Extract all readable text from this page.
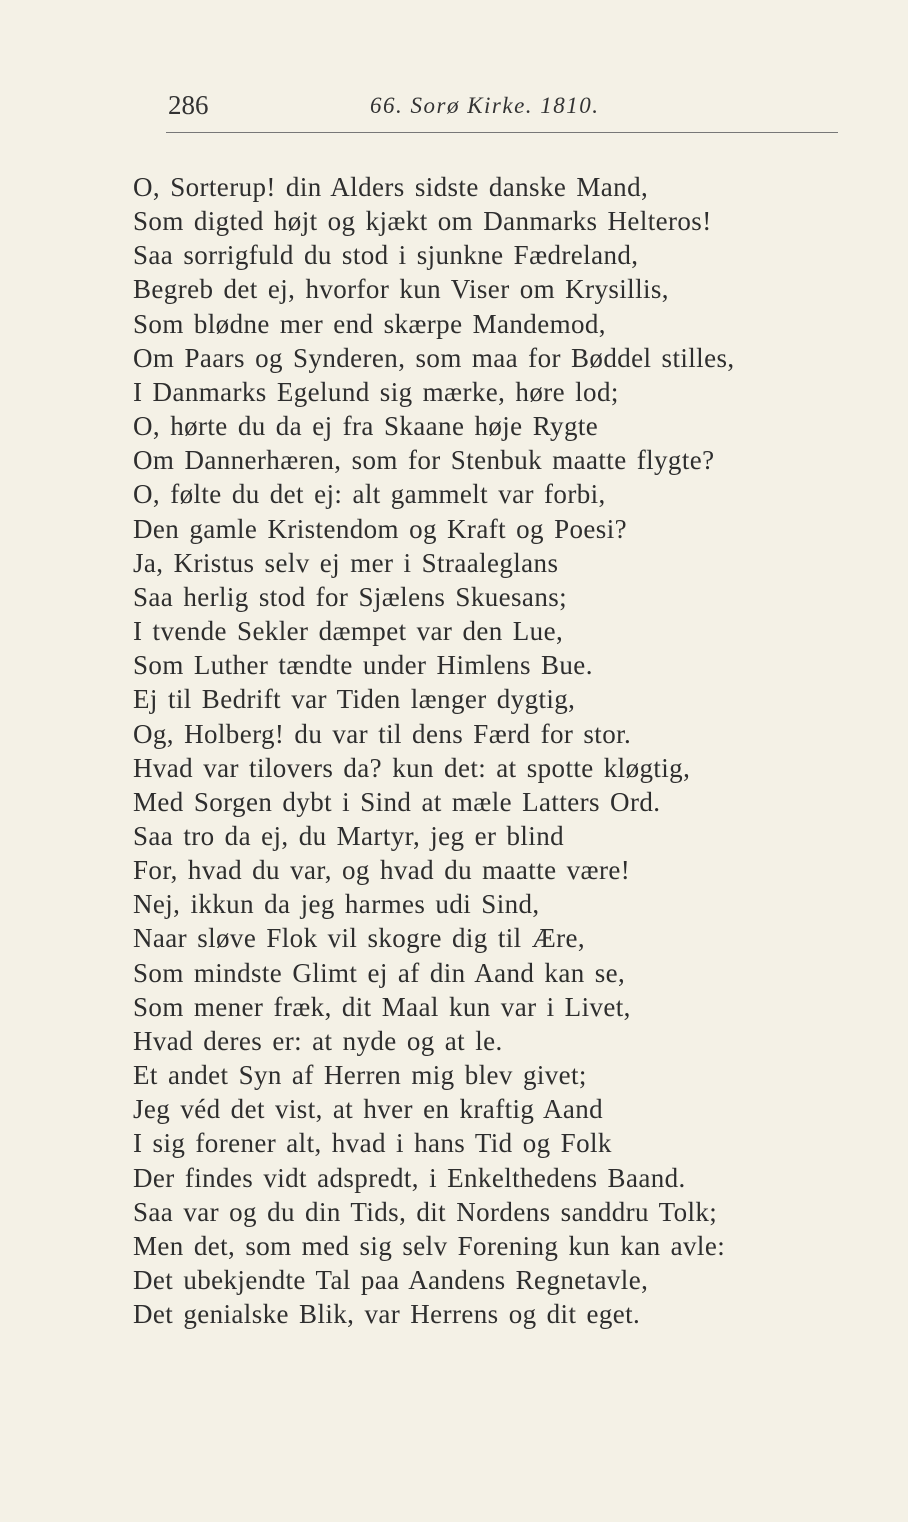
286	66. Sorø Kirke. 1810.
O, Sorterup! din Alders sidste danske Mand,
Som digted højt og kjækt om Danmarks Helteros!
Saa sorrigfuld du stod i sjunkne Fædreland,
Begreb det ej, hvorfor kun Viser om Krysillis,
Som blødne mer end skærpe Mandemod,
Om Paars og Synderen, som maa for Bøddel stilles,
I Danmarks Egelund sig mærke, høre lod;
O, hørte du da ej fra Skaane høje Rygte
Om Dannerhæren, som for Stenbuk maatte flygte?
O, følte du det ej: alt gammelt var forbi,
Den gamle Kristendom og Kraft og Poesi?
Ja, Kristus selv ej mer i Straaleglans
Saa herlig stod for Sjælens Skuesans;
I tvende Sekler dæmpet var den Lue,
Som Luther tændte under Himlens Bue.
Ej til Bedrift var Tiden længer dygtig,
Og, Holberg! du var til dens Færd for stor.
Hvad var tilovers da? kun det: at spotte kløgtig,
Med Sorgen dybt i Sind at mæle Latters Ord.
Saa tro da ej, du Martyr, jeg er blind
For, hvad du var, og hvad du maatte være!
Nej, ikkun da jeg harmes udi Sind,
Naar sløve Flok vil skogre dig til Ære,
Som mindste Glimt ej af din Aand kan se,
Som mener fræk, dit Maal kun var i Livet,
Hvad deres er: at nyde og at le.
Et andet Syn af Herren mig blev givet;
Jeg véd det vist, at hver en kraftig Aand
I sig forener alt, hvad i hans Tid og Folk
Der findes vidt adspredt, i Enkelthedens Baand.
Saa var og du din Tids, dit Nordens sanddru Tolk;
Men det, som med sig selv Forening kun kan avle:
Det ubekjendte Tal paa Aandens Regnetavle,
Det genialske Blik, var Herrens og dit eget.
